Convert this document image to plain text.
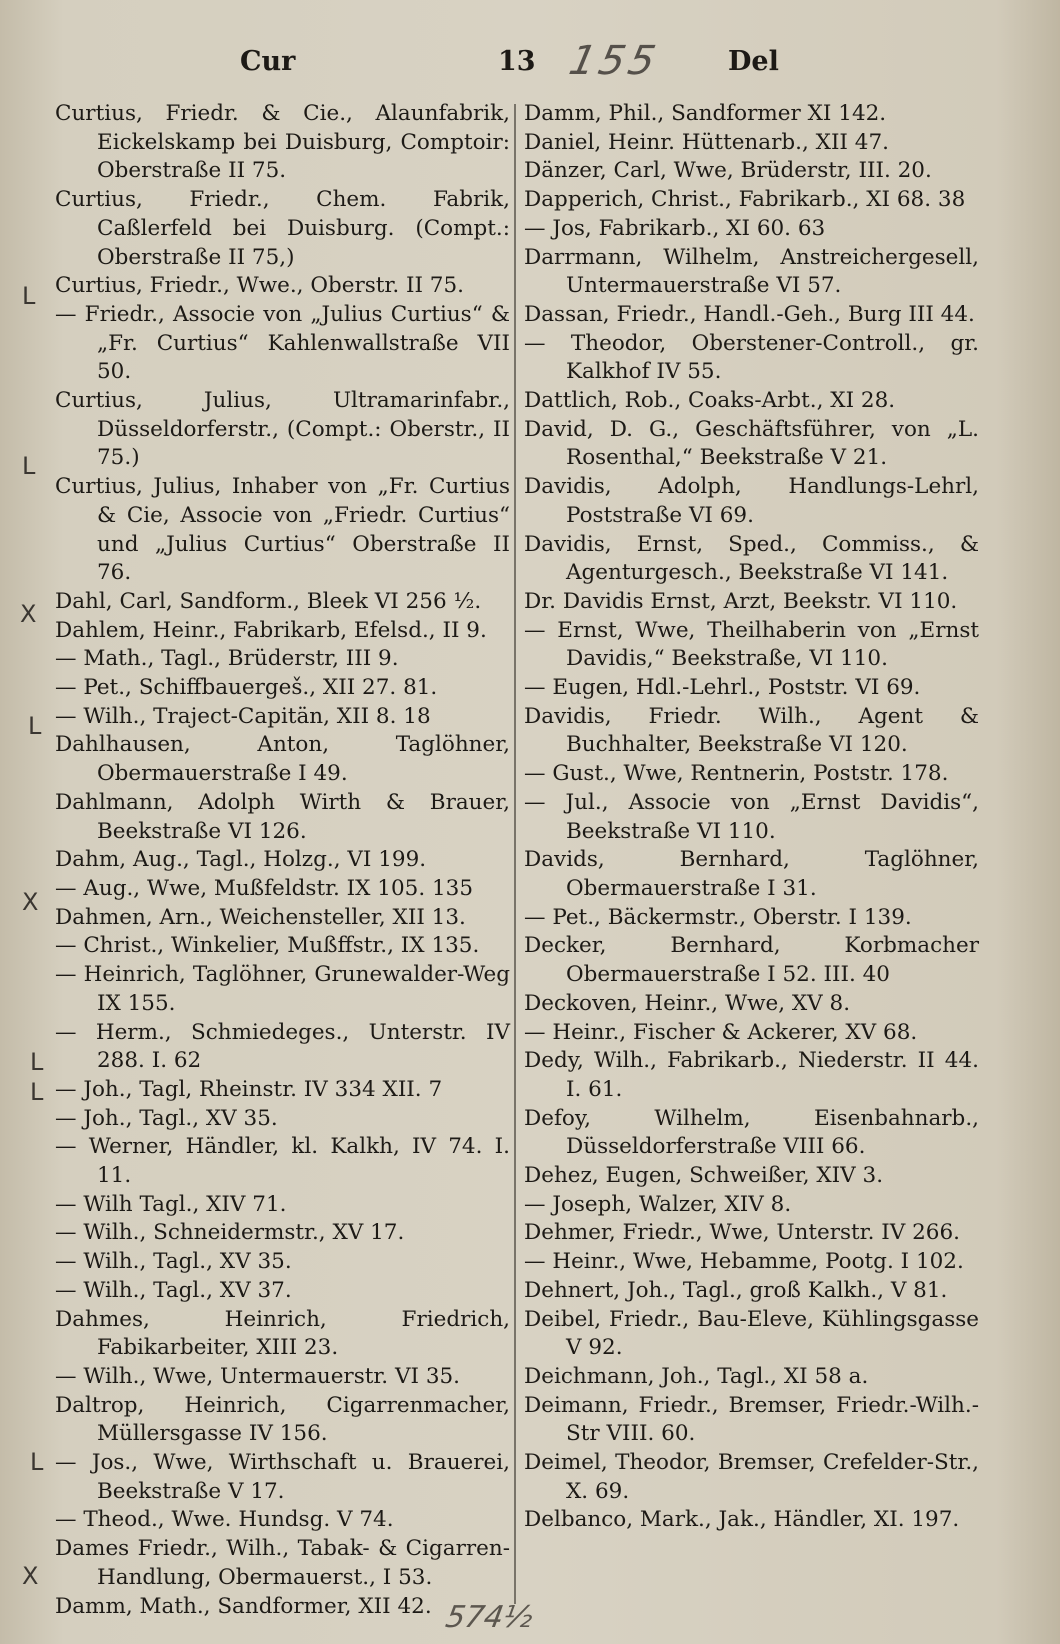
Cur	13 155 Del
Curtius, Friedr. & Cie., Alaunfabrik, Eickelskamp bei Duisburg, Comptoir: Oberstraße II 75.
Curtius, Friedr., Chem. Fabrik, Caßlerfeld bei Duisburg. (Compt.: Oberstraße II 75,)
Curtius, Friedr., Wwe., Oberstr. II 75.
— Friedr., Associe von „Julius Curtius“ & „Fr. Curtius“ Kahlenwallstraße VII 50.
Curtius, Julius, Ultramarinfabr., Düsseldorferstr., (Compt.: Oberstr., II 75.)
Curtius, Julius, Inhaber von „Fr. Curtius & Cie, Associe von „Friedr. Curtius“ und „Julius Curtius“ Oberstraße II 76.
Dahl, Carl, Sandform., Bleek VI 256 ½.
Dahlem, Heinr., Fabrikarb, Efelsd., II 9.
— Math., Tagl., Brüderstr, III 9.
— Pet., Schiffbauergeš., XII 27. 81.
— Wilh., Traject-Capitän, XII 8. 18
Dahlhausen, Anton, Taglöhner, Obermauerstraße I 49.
Dahlmann, Adolph Wirth & Brauer, Beekstraße VI 126.
Dahm, Aug., Tagl., Holzg., VI 199.
— Aug., Wwe, Mußfeldstr. IX 105. 135
Dahmen, Arn., Weichensteller, XII 13.
— Christ., Winkelier, Mußffstr., IX 135.
— Heinrich, Taglöhner, Grunewalder-Weg IX 155.
— Herm., Schmiedeges., Unterstr. IV 288. I. 62
— Joh., Tagl, Rheinstr. IV 334 XII. 7
— Joh., Tagl., XV 35.
— Werner, Händler, kl. Kalkh, IV 74. I. 11.
— Wilh Tagl., XIV 71.
— Wilh., Schneidermstr., XV 17.
— Wilh., Tagl., XV 35.
— Wilh., Tagl., XV 37.
Dahmes, Heinrich, Friedrich, Fabikarbeiter, XIII 23.
— Wilh., Wwe, Untermauerstr. VI 35.
Daltrop, Heinrich, Cigarrenmacher, Müllersgasse IV 156.
— Jos., Wwe, Wirthschaft u. Brauerei, Beekstraße V 17.
— Theod., Wwe. Hundsg. V 74.
Dames Friedr., Wilh., Tabak- & Cigarren-Handlung, Obermauerst., I 53.
Damm, Math., Sandformer, XII 42.
Damm, Phil., Sandformer XI 142.
Daniel, Heinr. Hüttenarb., XII 47.
Dänzer, Carl, Wwe, Brüderstr, III. 20.
Dapperich, Christ., Fabrikarb., XI 68. 38
— Jos, Fabrikarb., XI 60. 63
Darrmann, Wilhelm, Anstreichergesell, Untermauerstraße VI 57.
Dassan, Friedr., Handl.-Geh., Burg III 44.
— Theodor, Oberstener-Controll., gr. Kalkhof IV 55.
Dattlich, Rob., Coaks-Arbt., XI 28.
David, D. G., Geschäftsführer, von „L. Rosenthal,“ Beekstraße V 21.
Davidis, Adolph, Handlungs-Lehrl, Poststraße VI 69.
Davidis, Ernst, Sped., Commiss., & Agenturgesch., Beekstraße VI 141.
Dr. Davidis Ernst, Arzt, Beekstr. VI 110.
— Ernst, Wwe, Theilhaberin von „Ernst Davidis,“ Beekstraße, VI 110.
— Eugen, Hdl.-Lehrl., Poststr. VI 69.
Davidis, Friedr. Wilh., Agent & Buchhalter, Beekstraße VI 120.
— Gust., Wwe, Rentnerin, Poststr. 178.
— Jul., Associe von „Ernst Davidis“, Beekstraße VI 110.
Davids, Bernhard, Taglöhner, Obermauerstraße I 31.
— Pet., Bäckermstr., Oberstr. I 139.
Decker, Bernhard, Korbmacher Obermauerstraße I 52. III. 40
Deckoven, Heinr., Wwe, XV 8.
— Heinr., Fischer & Ackerer, XV 68.
Dedy, Wilh., Fabrikarb., Niederstr. II 44. I. 61.
Defoy, Wilhelm, Eisenbahnarb., Düsseldorferstraße VIII 66.
Dehez, Eugen, Schweißer, XIV 3.
— Joseph, Walzer, XIV 8.
Dehmer, Friedr., Wwe, Unterstr. IV 266.
— Heinr., Wwe, Hebamme, Pootg. I 102.
Dehnert, Joh., Tagl., groß Kalkh., V 81.
Deibel, Friedr., Bau-Eleve, Kühlingsgasse V 92.
Deichmann, Joh., Tagl., XI 58 a.
Deimann, Friedr., Bremser, Friedr.-Wilh.-Str VIII. 60.
Deimel, Theodor, Bremser, Crefelder-Str., X. 69.
Delbanco, Mark., Jak., Händler, XI. 197.
L
L
X
L
X
L
L
L
X
574½
